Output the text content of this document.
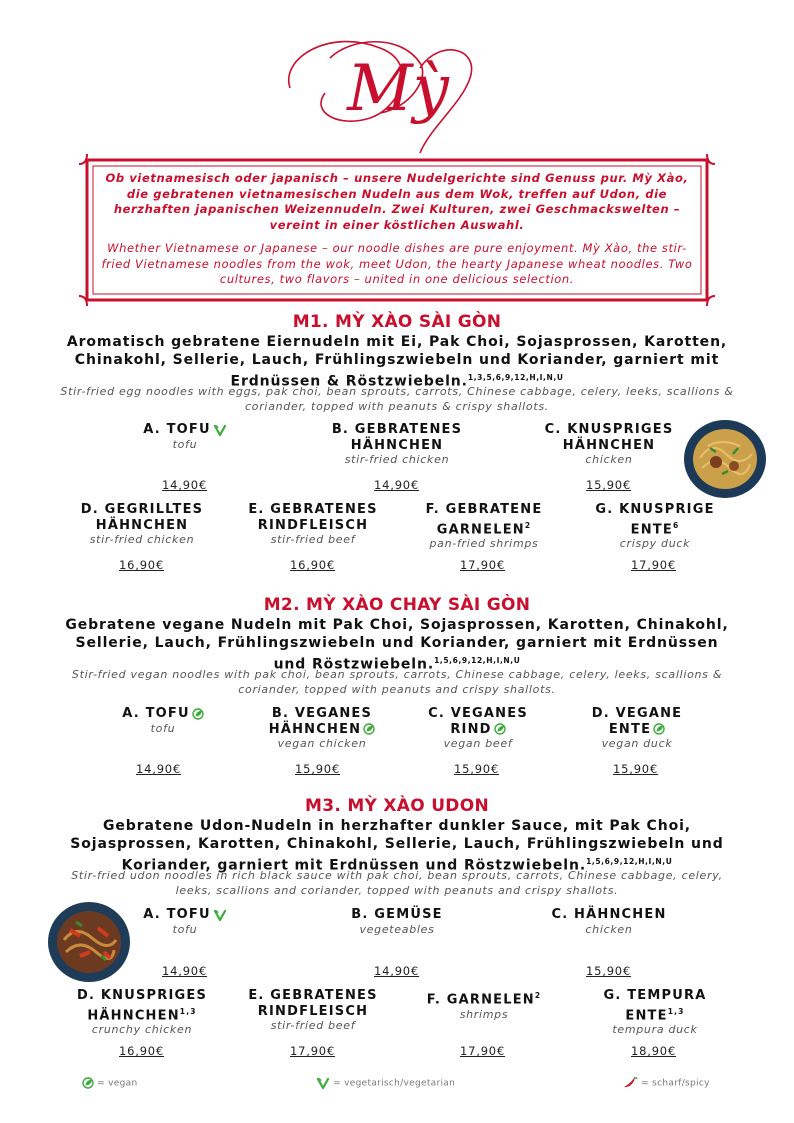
Mỳ
Ob vietnamesisch oder japanisch – unsere Nudelgerichte sind Genuss pur. Mỳ Xào, die gebratenen vietnamesischen Nudeln aus dem Wok, treffen auf Udon, die herzhaften japanischen Weizennudeln. Zwei Kulturen, zwei Geschmackswelten – vereint in einer köstlichen Auswahl.
Whether Vietnamese or Japanese – our noodle dishes are pure enjoyment. Mỳ Xào, the stir-fried Vietnamese noodles from the wok, meet Udon, the hearty Japanese wheat noodles. Two cultures, two flavors – united in one delicious selection.
M1. MỲ XÀO SÀI GÒN
Aromatisch gebratene Eiernudeln mit Ei, Pak Choi, Sojasprossen, Karotten, Chinakohl, Sellerie, Lauch, Frühlingszwiebeln und Koriander, garniert mit Erdnüssen & Röstzwiebeln.$^{1,3,5,6,9,12,H,I,N,U}$
Stir-fried egg noodles with eggs, pak choi, bean sprouts, carrots, Chinese cabbage, celery, leeks, scallions & coriander, topped with peanuts & crispy shallots.
A. TOFU
tofu
14,90€
B. GEBRATENES HÄHNCHEN
stir-fried chicken
14,90€
C. KNUSPRIGES HÄHNCHEN
chicken
15,90€
D. GEGRILLTES HÄHNCHEN
stir-fried chicken
16,90€
E. GEBRATENES RINDFLEISCH
stir-fried beef
16,90€
F. GEBRATENE GARNELEN$^2$
pan-fried shrimps
17,90€
G. KNUSPRIGE ENTE$^6$
crispy duck
17,90€
M2. MỲ XÀO CHAY SÀI GÒN
Gebratene vegane Nudeln mit Pak Choi, Sojasprossen, Karotten, Chinakohl, Sellerie, Lauch, Frühlingszwiebeln und Koriander, garniert mit Erdnüssen und Röstzwiebeln.$^{1,5,6,9,12,H,I,N,U}$
Stir-fried vegan noodles with pak choi, bean sprouts, carrots, Chinese cabbage, celery, leeks, scallions & coriander, topped with peanuts and crispy shallots.
A. TOFU
tofu
14,90€
B. VEGANES HÄHNCHEN
vegan chicken
15,90€
C. VEGANES RIND
vegan beef
15,90€
D. VEGANE ENTE
vegan duck
15,90€
M3. MỲ XÀO UDON
Gebratene Udon-Nudeln in herzhafter dunkler Sauce, mit Pak Choi, Sojasprossen, Karotten, Chinakohl, Sellerie, Lauch, Frühlingszwiebeln und Koriander, garniert mit Erdnüssen und Röstzwiebeln.$^{1,5,6,9,12,H,I,N,U}$
Stir-fried udon noodles in rich black sauce with pak choi, bean sprouts, carrots, Chinese cabbage, celery, leeks, scallions and coriander, topped with peanuts and crispy shallots.
A. TOFU
tofu
14,90€
B. GEMÜSE
vegeteables
14,90€
C. HÄHNCHEN
chicken
15,90€
D. KNUSPRIGES HÄHNCHEN$^{1,3}$
crunchy chicken
16,90€
E. GEBRATENES RINDFLEISCH
stir-fried beef
17,90€
F. GARNELEN$^2$
shrimps
17,90€
G. TEMPURA ENTE$^{1,3}$
tempura duck
18,90€
= vegan	= vegetarisch/vegetarian	= scharf/spicy
